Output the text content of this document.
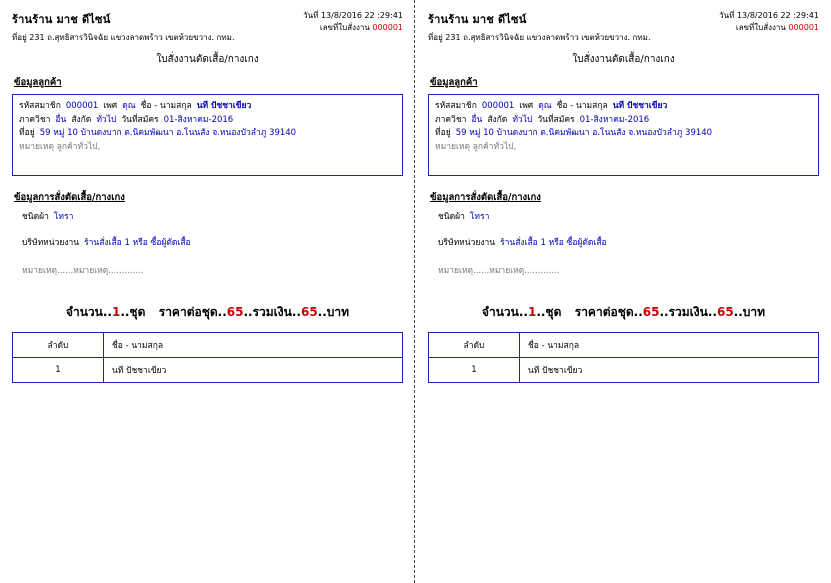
ร้านร้าน มาช ดีไซน์
ที่อยู่ 231 ถ.สุทธิสารวินิจฉัย แขวงลาดพร้าว เขตห้วยขวาง. กทม.
วันที่ 13/8/2016 22 :29:41
เลขที่ใบสั่งงาน 000001
ใบสั่งงานตัดเสื้อ/กางเกง
ข้อมูลลูกค้า
รหัสสมาชิก 000001 เพศ ดุณ ชื่อ - นามสกุล นที ปัชชาเขียว
ภาควิชา อื่น สังกัด ทั่วไป วันที่สมัคร 01-สิงหาคม-2016
ที่อยู่ 59 หมู่ 10 บ้านดงบาก ต.นิคมพัฒนา อ.โนนสัง จ.หนองบัวลำภู 39140
หมายเหตุ ลูกค้าทั่วไป,
ข้อมูลการสั่งตัดเสื้อ/กางเกง
ชนิดผ้า โทรา
บริษัทหน่วยงาน ร้านสั่งเสื้อ 1 หรือ ซื้อผู้ตัดเสื้อ
หมายเหตุ......หมายเหตุ.............
จำนวน..1..ชุด ราคาต่อชุด..65..รวมเงิน..65..บาท
ลำดับ	ชื่อ - นามสกุล
1	นที ปัชชาเขียว
ร้านร้าน มาช ดีไซน์
ที่อยู่ 231 ถ.สุทธิสารวินิจฉัย แขวงลาดพร้าว เขตห้วยขวาง. กทม.
วันที่ 13/8/2016 22 :29:41
เลขที่ใบสั่งงาน 000001
ใบสั่งงานตัดเสื้อ/กางเกง
ข้อมูลลูกค้า
รหัสสมาชิก 000001 เพศ ดุณ ชื่อ - นามสกุล นที ปัชชาเขียว
ภาควิชา อื่น สังกัด ทั่วไป วันที่สมัคร 01-สิงหาคม-2016
ที่อยู่ 59 หมู่ 10 บ้านดงบาก ต.นิคมพัฒนา อ.โนนสัง จ.หนองบัวลำภู 39140
หมายเหตุ ลูกค้าทั่วไป,
ข้อมูลการสั่งตัดเสื้อ/กางเกง
ชนิดผ้า โทรา
บริษัทหน่วยงาน ร้านสั่งเสื้อ 1 หรือ ซื้อผู้ตัดเสื้อ
หมายเหตุ......หมายเหตุ.............
จำนวน..1..ชุด ราคาต่อชุด..65..รวมเงิน..65..บาท
ลำดับ	ชื่อ - นามสกุล
1	นที ปัชชาเขียว
